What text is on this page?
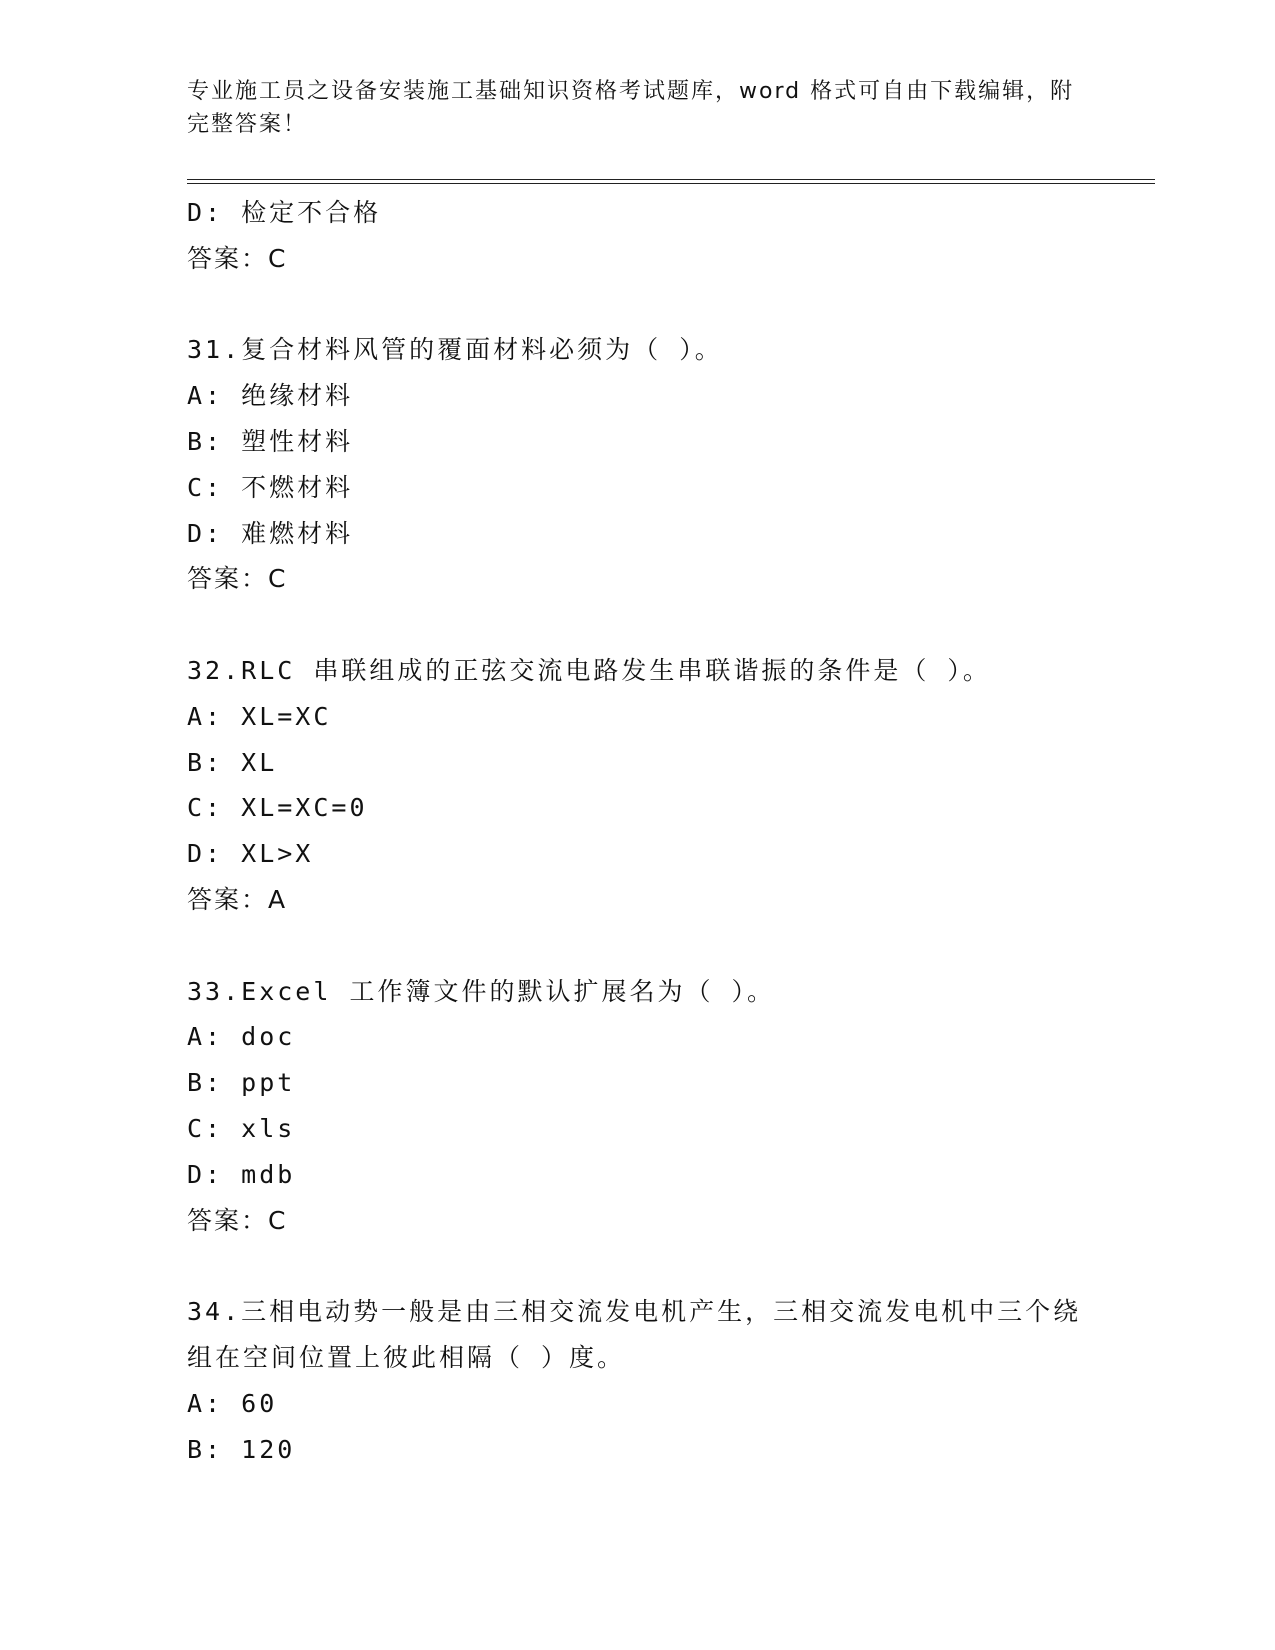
专业施工员之设备安装施工基础知识资格考试题库，word 格式可自由下载编辑，附完整答案！
D: 检定不合格
答案：C
31.复合材料风管的覆面材料必须为（ ）。
A: 绝缘材料
B: 塑性材料
C: 不燃材料
D: 难燃材料
答案：C
32.RLC 串联组成的正弦交流电路发生串联谐振的条件是（ ）。
A: XL=XC
B: XL
C: XL=XC=0
D: XL>X
答案：A
33.Excel 工作簿文件的默认扩展名为（ ）。
A: doc
B: ppt
C: xls
D: mdb
答案：C
34.三相电动势一般是由三相交流发电机产生，三相交流发电机中三个绕组在空间位置上彼此相隔（ ）度。
A: 60
B: 120
